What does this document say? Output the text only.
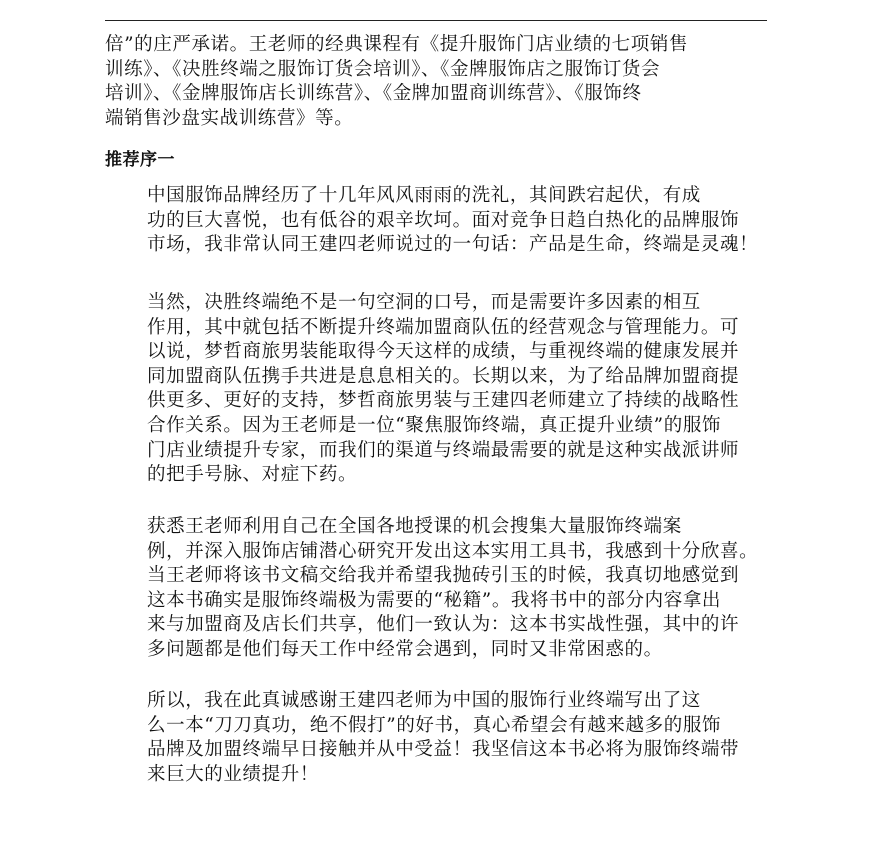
倍”的庄严承诺。王老师的经典课程有《提升服饰门店业绩的七项销售
训练》、《决胜终端之服饰订货会培训》、《金牌服饰店之服饰订货会
培训》、《金牌服饰店长训练营》、《金牌加盟商训练营》、《服饰终
端销售沙盘实战训练营》等。

推荐序一

中国服饰品牌经历了十几年风风雨雨的洗礼，其间跌宕起伏，有成
功的巨大喜悦，也有低谷的艰辛坎坷。面对竞争日趋白热化的品牌服饰
市场，我非常认同王建四老师说过的一句话：产品是生命，终端是灵魂！

当然，决胜终端绝不是一句空洞的口号，而是需要许多因素的相互
作用，其中就包括不断提升终端加盟商队伍的经营观念与管理能力。可
以说，梦哲商旅男装能取得今天这样的成绩，与重视终端的健康发展并
同加盟商队伍携手共进是息息相关的。长期以来，为了给品牌加盟商提
供更多、更好的支持，梦哲商旅男装与王建四老师建立了持续的战略性
合作关系。因为王老师是一位“聚焦服饰终端，真正提升业绩”的服饰
门店业绩提升专家，而我们的渠道与终端最需要的就是这种实战派讲师
的把手号脉、对症下药。

获悉王老师利用自己在全国各地授课的机会搜集大量服饰终端案
例，并深入服饰店铺潜心研究开发出这本实用工具书，我感到十分欣喜。
当王老师将该书文稿交给我并希望我抛砖引玉的时候，我真切地感觉到
这本书确实是服饰终端极为需要的“秘籍”。我将书中的部分内容拿出
来与加盟商及店长们共享，他们一致认为：这本书实战性强，其中的许
多问题都是他们每天工作中经常会遇到，同时又非常困惑的。

所以，我在此真诚感谢王建四老师为中国的服饰行业终端写出了这
么一本“刀刀真功，绝不假打”的好书，真心希望会有越来越多的服饰
品牌及加盟终端早日接触并从中受益！我坚信这本书必将为服饰终端带
来巨大的业绩提升！
